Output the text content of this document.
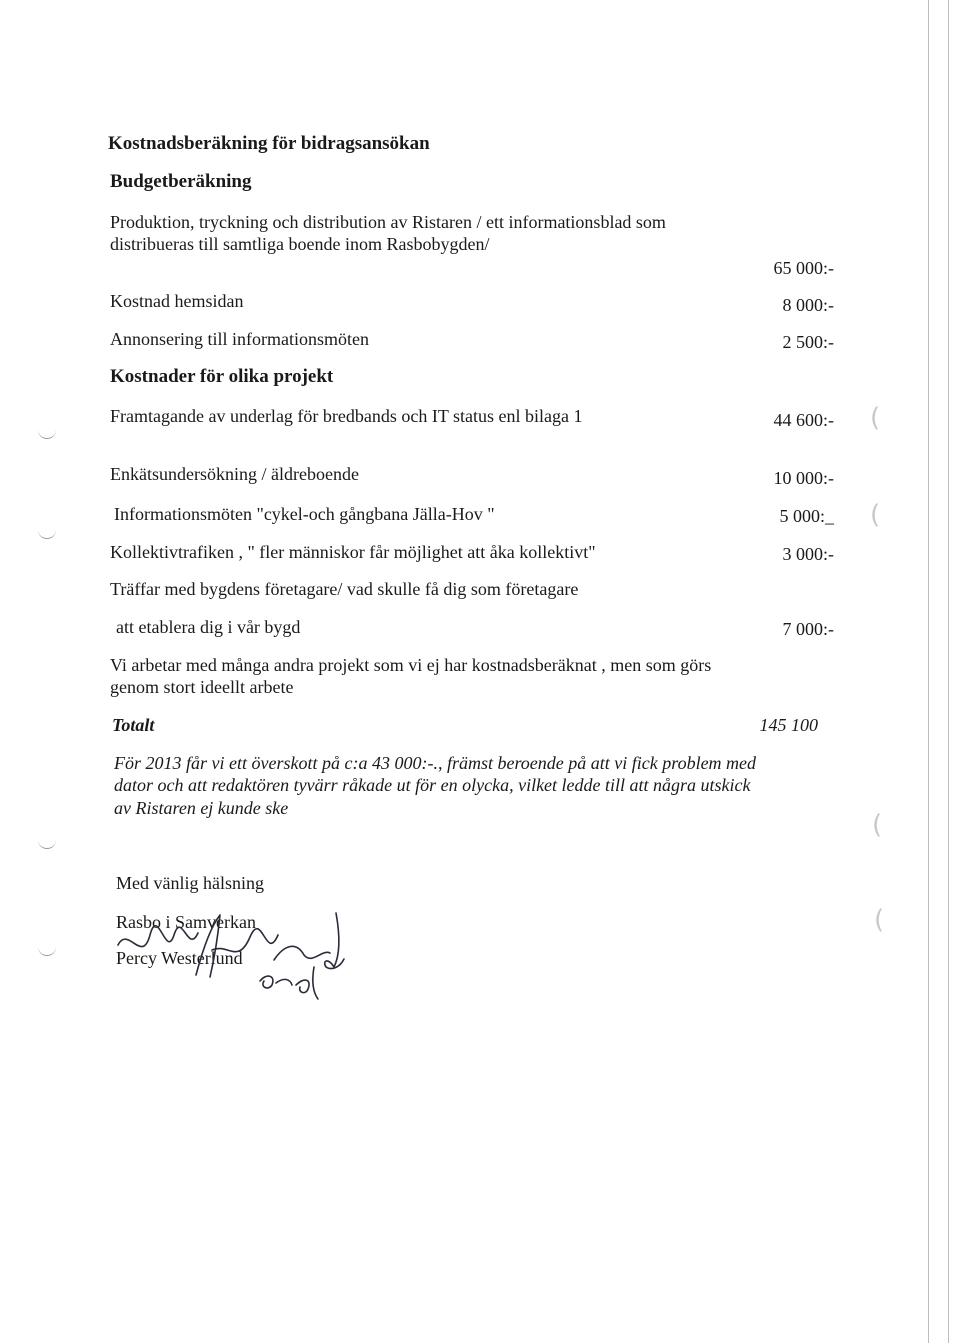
(
(
(
(
Kostnadsberäkning för bidragsansökan
Budgetberäkning
Produktion, tryckning och distribution av Ristaren / ett informationsblad som
distribueras till samtliga boende inom Rasbobygden/
65 000:-
Kostnad hemsidan	8 000:-
Annonsering till informationsmöten	2 500:-
Kostnader för olika projekt
Framtagande av underlag för bredbands och IT status enl bilaga 1	44 600:-
Enkätsundersökning / äldreboende	10 000:-
Informationsmöten "cykel-och gångbana Jälla-Hov "	5 000:_
Kollektivtrafiken , " fler människor får möjlighet att åka kollektivt"	3 000:-
Träffar med bygdens företagare/ vad skulle få dig som företagare
att etablera dig i vår bygd	7 000:-
Vi arbetar med många andra projekt som vi ej har kostnadsberäknat , men som görs
genom stort ideellt arbete
Totalt	145 100
För 2013 får vi ett överskott på c:a 43 000:-., främst beroende på att vi fick problem med
dator och att redaktören tyvärr råkade ut för en olycka, vilket ledde till att några utskick
av Ristaren ej kunde ske
Med vänlig hälsning
Rasbo i Samverkan
Percy Westerlund
ordf.
